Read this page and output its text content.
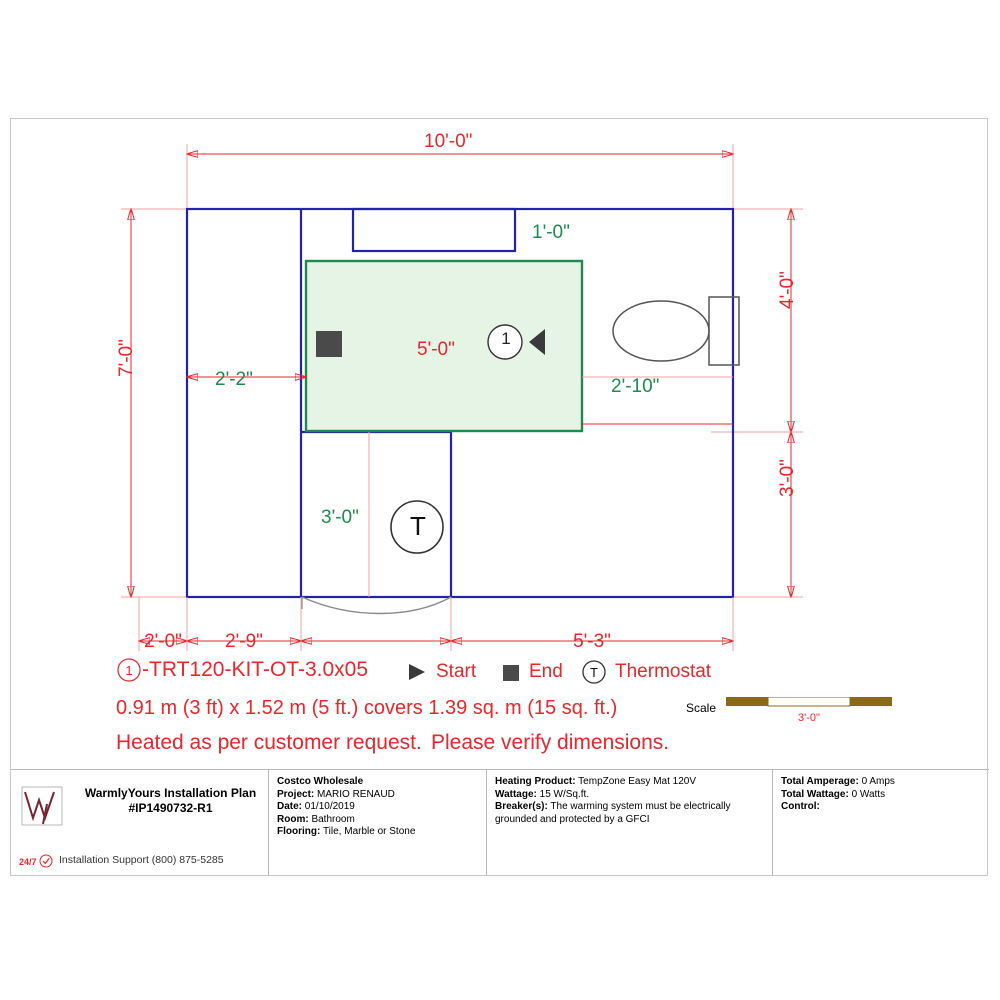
10'-0"
7'-0"
4'-0"
3'-0"
2'-2"
5'-0"
2'-10"
1'-0"
3'-0"
2'-0"	2'-9"	5'-3"
1
T
1 -TRT120-KIT-OT-3.0x05	Start	End T Thermostat
0.91 m (3 ft) x 1.52 m (5 ft.) covers 1.39 sq. m (15 sq. ft.)	Scale
3'-0"
Heated as per customer request. Please verify dimensions.
WarmlyYours Installation Plan
#IP1490732-R1
24/7 Installation Support (800) 875-5285
Costco Wholesale
Project: MARIO RENAUD
Date: 01/10/2019
Room: Bathroom
Flooring: Tile, Marble or Stone
Heating Product: TempZone Easy Mat 120V
Wattage: 15 W/Sq.ft.
Breaker(s): The warming system must be electrically grounded and protected by a GFCI
Total Amperage: 0 Amps
Total Wattage: 0 Watts
Control:
